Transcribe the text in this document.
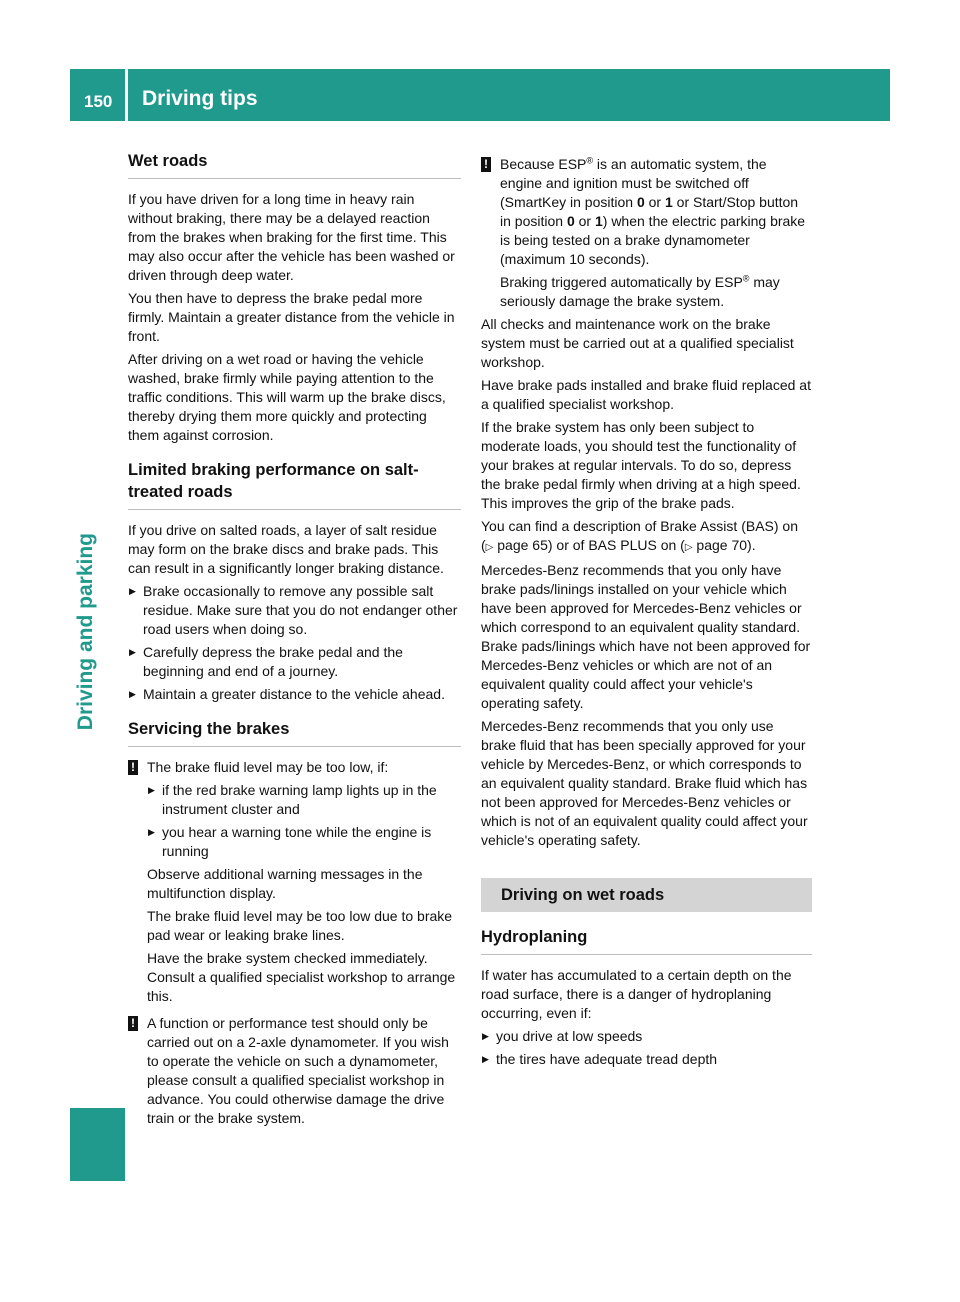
150 Driving tips
Driving and parking
Wet roads

If you have driven for a long time in heavy rain without braking, there may be a delayed reaction from the brakes when braking for the first time. This may also occur after the vehicle has been washed or driven through deep water.

You then have to depress the brake pedal more firmly. Maintain a greater distance from the vehicle in front.

After driving on a wet road or having the vehicle washed, brake firmly while paying attention to the traffic conditions. This will warm up the brake discs, thereby drying them more quickly and protecting them against corrosion.

Limited braking performance on salt-treated roads

If you drive on salted roads, a layer of salt residue may form on the brake discs and brake pads. This can result in a significantly longer braking distance.

▶ Brake occasionally to remove any possible salt residue. Make sure that you do not endanger other road users when doing so.
▶ Carefully depress the brake pedal and the beginning and end of a journey.
▶ Maintain a greater distance to the vehicle ahead.
Servicing the brakes
! The brake fluid level may be too low, if:

▶ if the red brake warning lamp lights up in the instrument cluster and
▶ you hear a warning tone while the engine is running

Observe additional warning messages in the multifunction display.

The brake fluid level may be too low due to brake pad wear or leaking brake lines.

Have the brake system checked immediately. Consult a qualified specialist workshop to arrange this.

! A function or performance test should only be carried out on a 2-axle dynamometer. If you wish to operate the vehicle on such a dynamometer, please consult a qualified specialist workshop in advance. You could otherwise damage the drive train or the brake system.

! Because ESP® is an automatic system, the engine and ignition must be switched off (SmartKey in position 0 or 1 or Start/Stop button in position 0 or 1) when the electric parking brake is being tested on a brake dynamometer (maximum 10 seconds).

Braking triggered automatically by ESP® may seriously damage the brake system.

All checks and maintenance work on the brake system must be carried out at a qualified specialist workshop.

Have brake pads installed and brake fluid replaced at a qualified specialist workshop.

If the brake system has only been subject to moderate loads, you should test the functionality of your brakes at regular intervals. To do so, depress the brake pedal firmly when driving at a high speed. This improves the grip of the brake pads.

You can find a description of Brake Assist (BAS) on (▷ page 65) or of BAS PLUS on (▷ page 70).

Mercedes-Benz recommends that you only have brake pads/linings installed on your vehicle which have been approved for Mercedes-Benz vehicles or which correspond to an equivalent quality standard. Brake pads/linings which have not been approved for Mercedes-Benz vehicles or which are not of an equivalent quality could affect your vehicle's operating safety.

Mercedes-Benz recommends that you only use brake fluid that has been specially approved for your vehicle by Mercedes-Benz, or which corresponds to an equivalent quality standard. Brake fluid which has not been approved for Mercedes-Benz vehicles or which is not of an equivalent quality could affect your vehicle's operating safety.

Driving on wet roads
Hydroplaning

If water has accumulated to a certain depth on the road surface, there is a danger of hydroplaning occurring, even if:

▶ you drive at low speeds
▶ the tires have adequate tread depth
